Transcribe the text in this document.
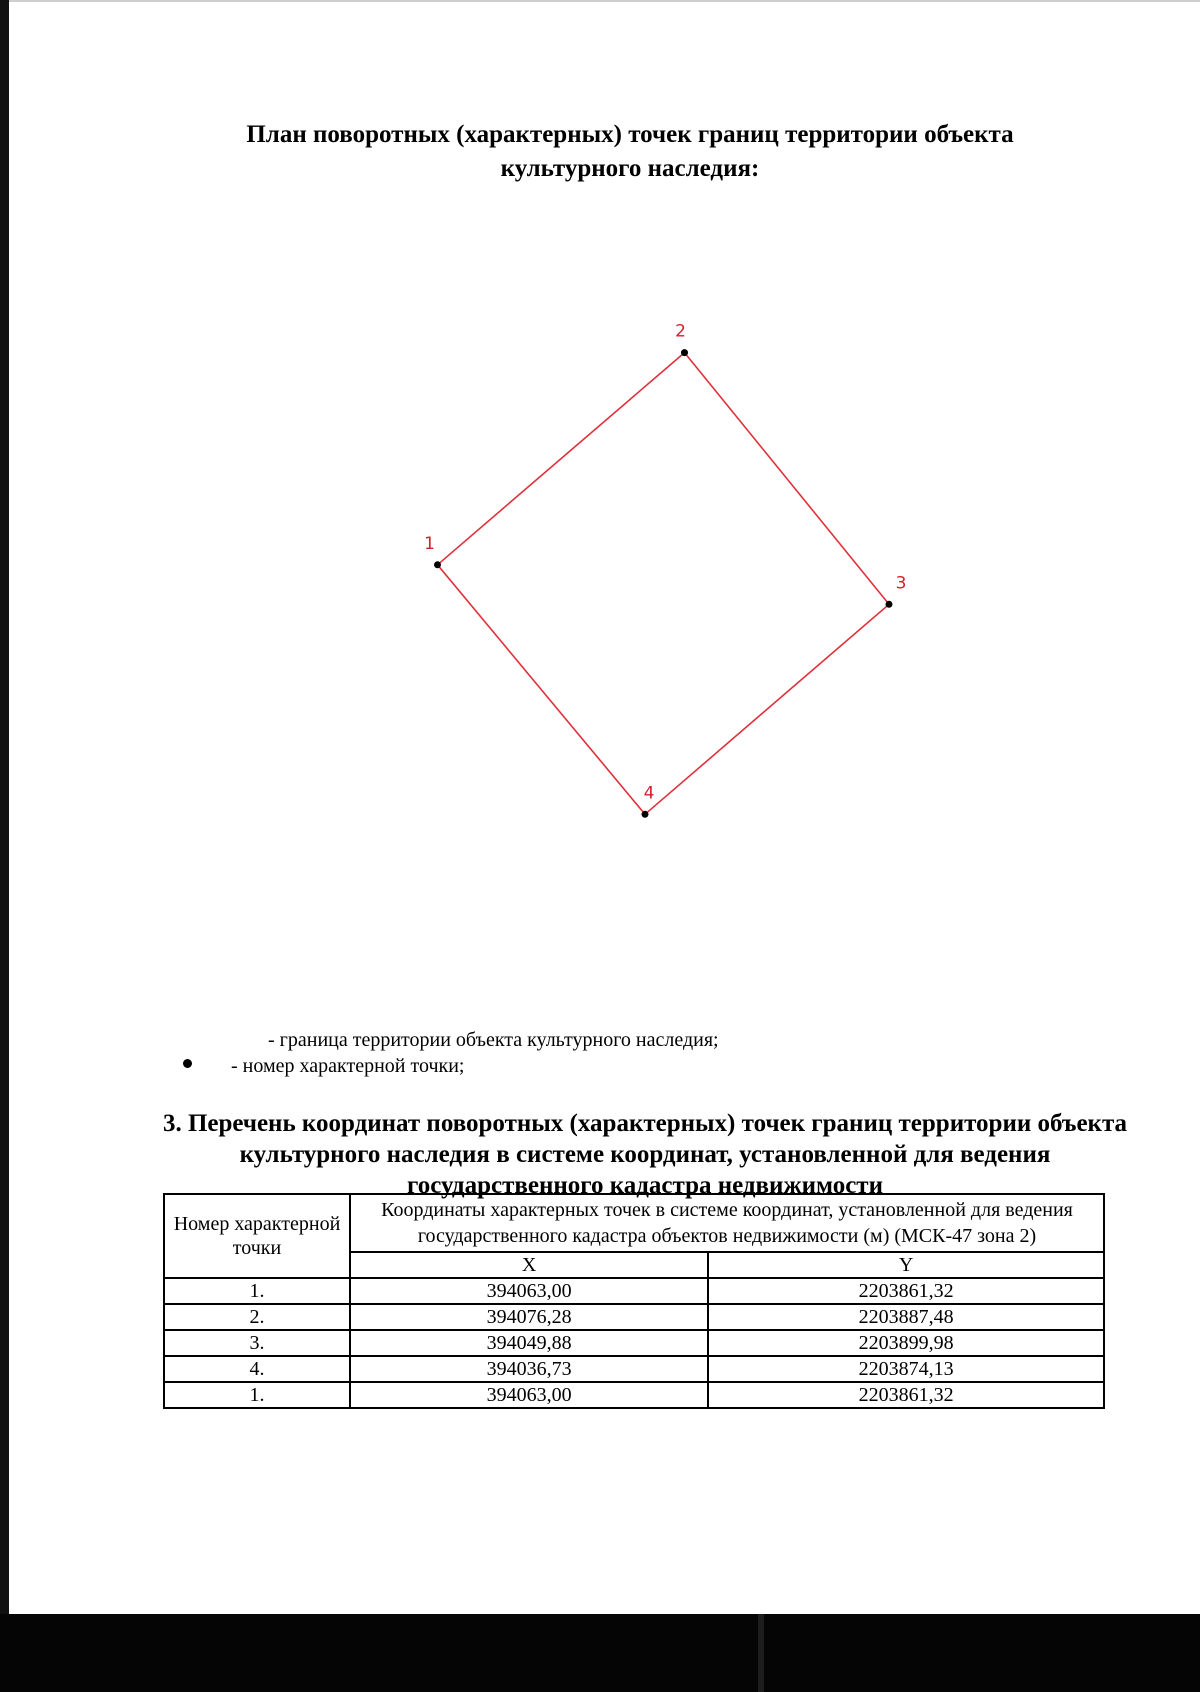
План поворотных (характерных) точек границ территории объекта культурного наследия:
1
2
3
4
- граница территории объекта культурного наследия;
- номер характерной точки;
3. Перечень координат поворотных (характерных) точек границ территории объекта культурного наследия в системе координат, установленной для ведения государственного кадастра недвижимости
Номер характерной точки	Координаты характерных точек в системе координат, установленной для ведения государственного кадастра объектов недвижимости (м) (МСК-47 зона 2)	
	X	Y
1.	394063,00	2203861,32
2.	394076,28	2203887,48
3.	394049,88	2203899,98
4.	394036,73	2203874,13
1.	394063,00	2203861,32
